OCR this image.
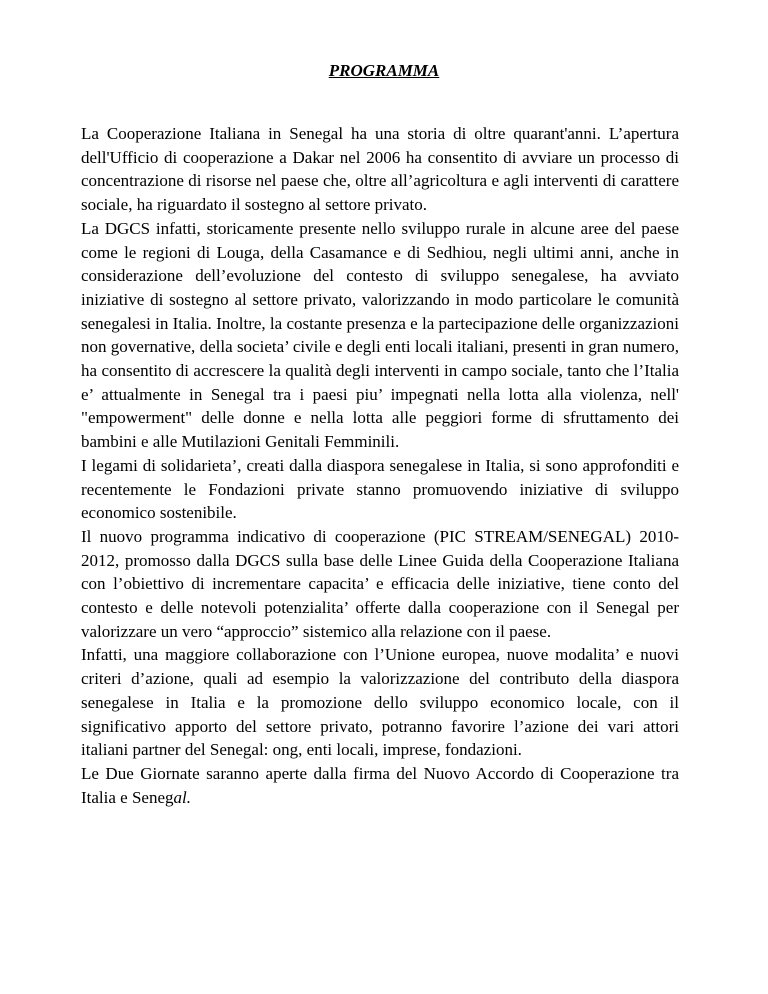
PROGRAMMA

La Cooperazione Italiana in Senegal ha una storia di oltre quarant'anni. L’apertura dell'Ufficio di cooperazione a Dakar nel 2006 ha consentito di avviare un processo di concentrazione di risorse nel paese che, oltre all’agricoltura e agli interventi di carattere sociale, ha riguardato il sostegno al settore privato.

La DGCS infatti, storicamente presente nello sviluppo rurale in alcune aree del paese come le regioni di Louga, della Casamance e di Sedhiou, negli ultimi anni, anche in considerazione dell’evoluzione del contesto di sviluppo senegalese, ha avviato iniziative di sostegno al settore privato, valorizzando in modo particolare le comunità senegalesi in Italia. Inoltre, la costante presenza e la partecipazione delle organizzazioni non governative, della societa’ civile e degli enti locali italiani, presenti in gran numero, ha consentito di accrescere la qualità degli interventi in campo sociale, tanto che l’Italia e’ attualmente in Senegal tra i paesi piu’ impegnati nella lotta alla violenza, nell' "empowerment" delle donne e nella lotta alle peggiori forme di sfruttamento dei bambini e alle Mutilazioni Genitali Femminili.

I legami di solidarieta’, creati dalla diaspora senegalese in Italia, si sono approfonditi e recentemente le Fondazioni private stanno promuovendo iniziative di sviluppo economico sostenibile.

Il nuovo programma indicativo di cooperazione (PIC STREAM/SENEGAL) 2010-2012, promosso dalla DGCS sulla base delle Linee Guida della Cooperazione Italiana con l’obiettivo di incrementare capacita’ e efficacia delle iniziative, tiene conto del contesto e delle notevoli potenzialita’ offerte dalla cooperazione con il Senegal per valorizzare un vero “approccio” sistemico alla relazione con il paese.

Infatti, una maggiore collaborazione con l’Unione europea, nuove modalita’ e nuovi criteri d’azione, quali ad esempio la valorizzazione del contributo della diaspora senegalese in Italia e la promozione dello sviluppo economico locale, con il significativo apporto del settore privato, potranno favorire l’azione dei vari attori italiani partner del Senegal: ong, enti locali, imprese, fondazioni.

Le Due Giornate saranno aperte dalla firma del Nuovo Accordo di Cooperazione tra Italia e Senegal.
